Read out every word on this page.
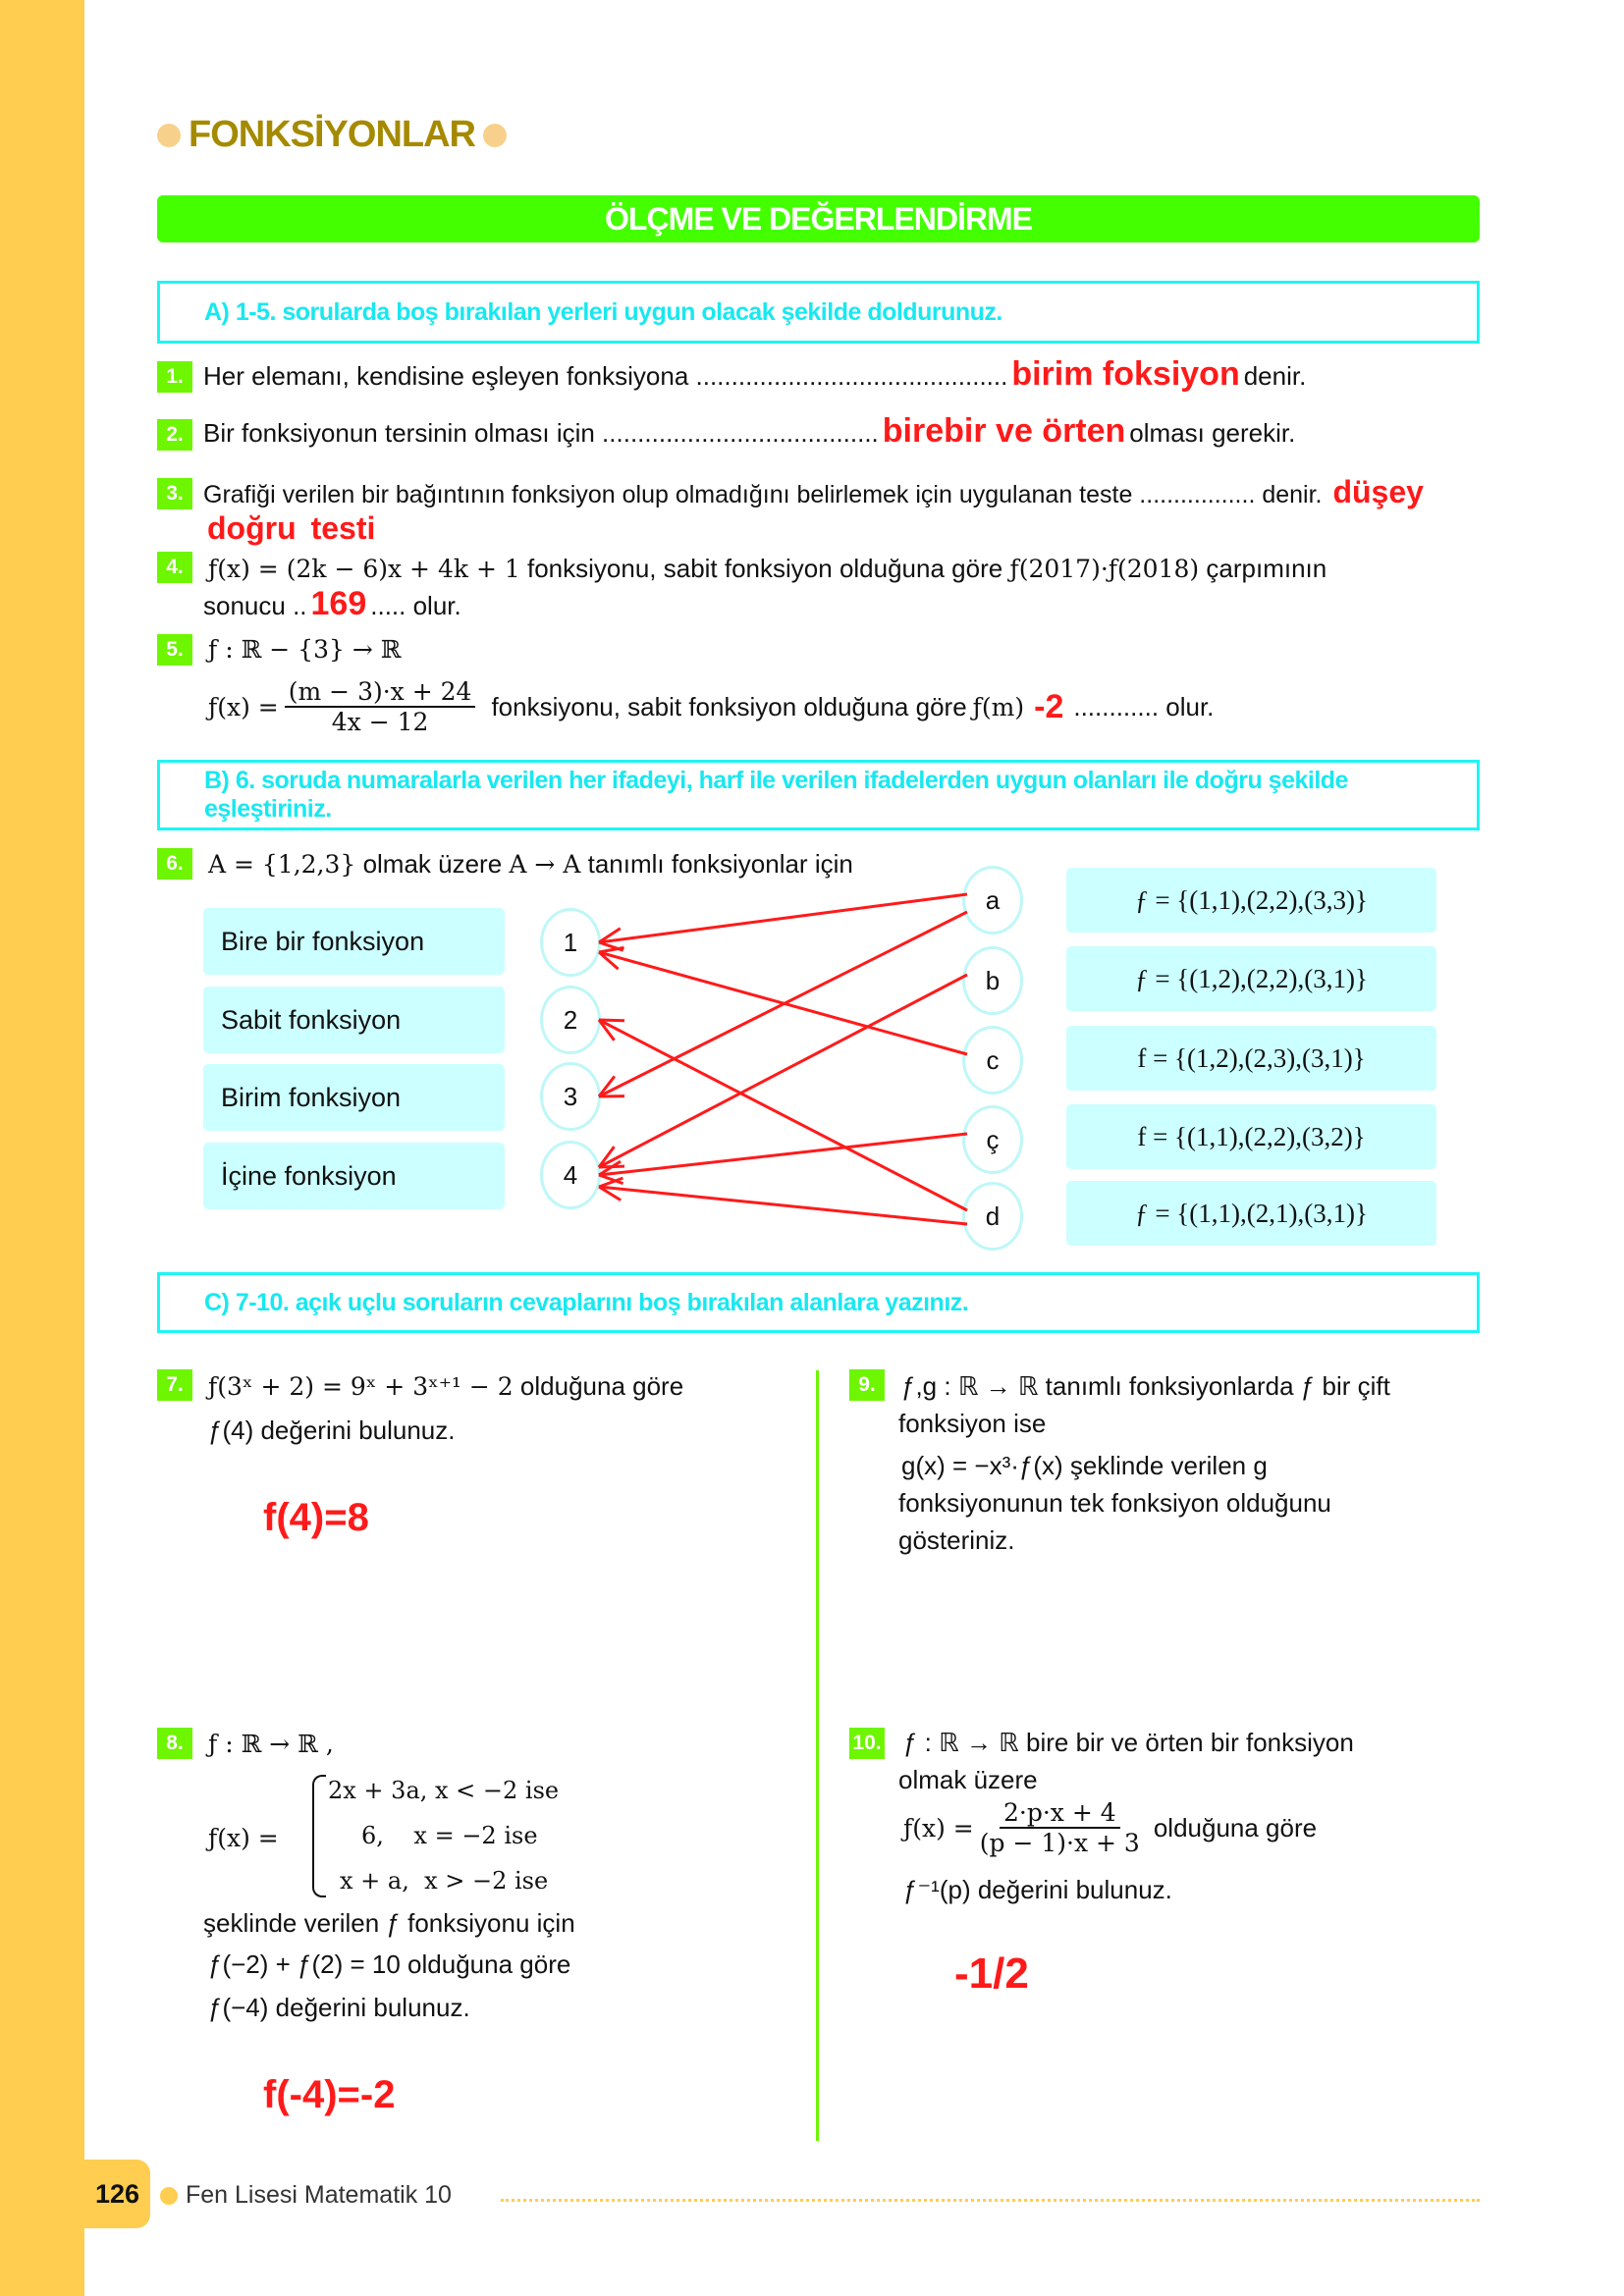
FONKSİYONLAR
ÖLÇME VE DEĞERLENDİRME
A) 1-5. sorularda boş bırakılan yerleri uygun olacak şekilde doldurunuz.
1. Her elemanı, kendisine eşleyen fonksiyona ............................................ birim foksiyon denir.
2. Bir fonksiyonun tersinin olması için ....................................... birebir ve örten olması gerekir.
3. Grafiği verilen bir bağıntının fonksiyon olup olmadığını belirlemek için uygulanan teste ................. denir. düşey doğru testi
4.	ƒ(x) = (2k − 6)x + 4k + 1 fonksiyonu, sabit fonksiyon olduğuna göre ƒ(2017)·ƒ(2018) çarpımının
sonucu .. 169 ..... olur.
5.	ƒ : ℝ − {3} → ℝ
ƒ(x) = $\frac{(m - 3)\cdot x + 24}{4x - 12}$ fonksiyonu, sabit fonksiyon olduğuna göre ƒ(m) -2 ............ olur.
B) 6. soruda numaralarla verilen her ifadeyi, harf ile verilen ifadelerden uygun olanları ile doğru şekilde eşleştiriniz.
6.	A = {1,2,3} olmak üzere A → A tanımlı fonksiyonlar için
Bire bir fonksiyon
Sabit fonksiyon
Birim fonksiyon
İçine fonksiyon
1
2
3
4
a
b
c
ç
d
ƒ = {(1,1),(2,2),(3,3)}
ƒ = {(1,2),(2,2),(3,1)}
f = {(1,2),(2,3),(3,1)}
f = {(1,1),(2,2),(3,2)}
ƒ = {(1,1),(2,1),(3,1)}
C) 7-10. açık uçlu soruların cevaplarını boş bırakılan alanlara yazınız.
7.	ƒ(3ˣ + 2) = 9ˣ + 3ˣ⁺¹ − 2 olduğuna göre
ƒ(4) değerini bulunuz.
f(4)=8
9.	ƒ,g : ℝ → ℝ tanımlı fonksiyonlarda ƒ bir çift
fonksiyon ise
g(x) = −x³·ƒ(x) şeklinde verilen g
fonksiyonunun tek fonksiyon olduğunu
gösteriniz.
8.	ƒ : ℝ → ℝ ,
ƒ(x) =
2x + 3a, x < −2 ise
6,    x = −2 ise
x + a,  x > −2 ise
şeklinde verilen ƒ fonksiyonu için
ƒ(−2) + ƒ(2) = 10 olduğuna göre
ƒ(−4) değerini bulunuz.
f(-4)=-2
10. ƒ : ℝ → ℝ bire bir ve örten bir fonksiyon
olmak üzere
ƒ(x) = $\frac{2\cdot p\cdot x + 4}{(p - 1)\cdot x + 3}$ olduğuna göre
ƒ⁻¹(p) değerini bulunuz.
-1/2
126	Fen Lisesi Matematik 10
